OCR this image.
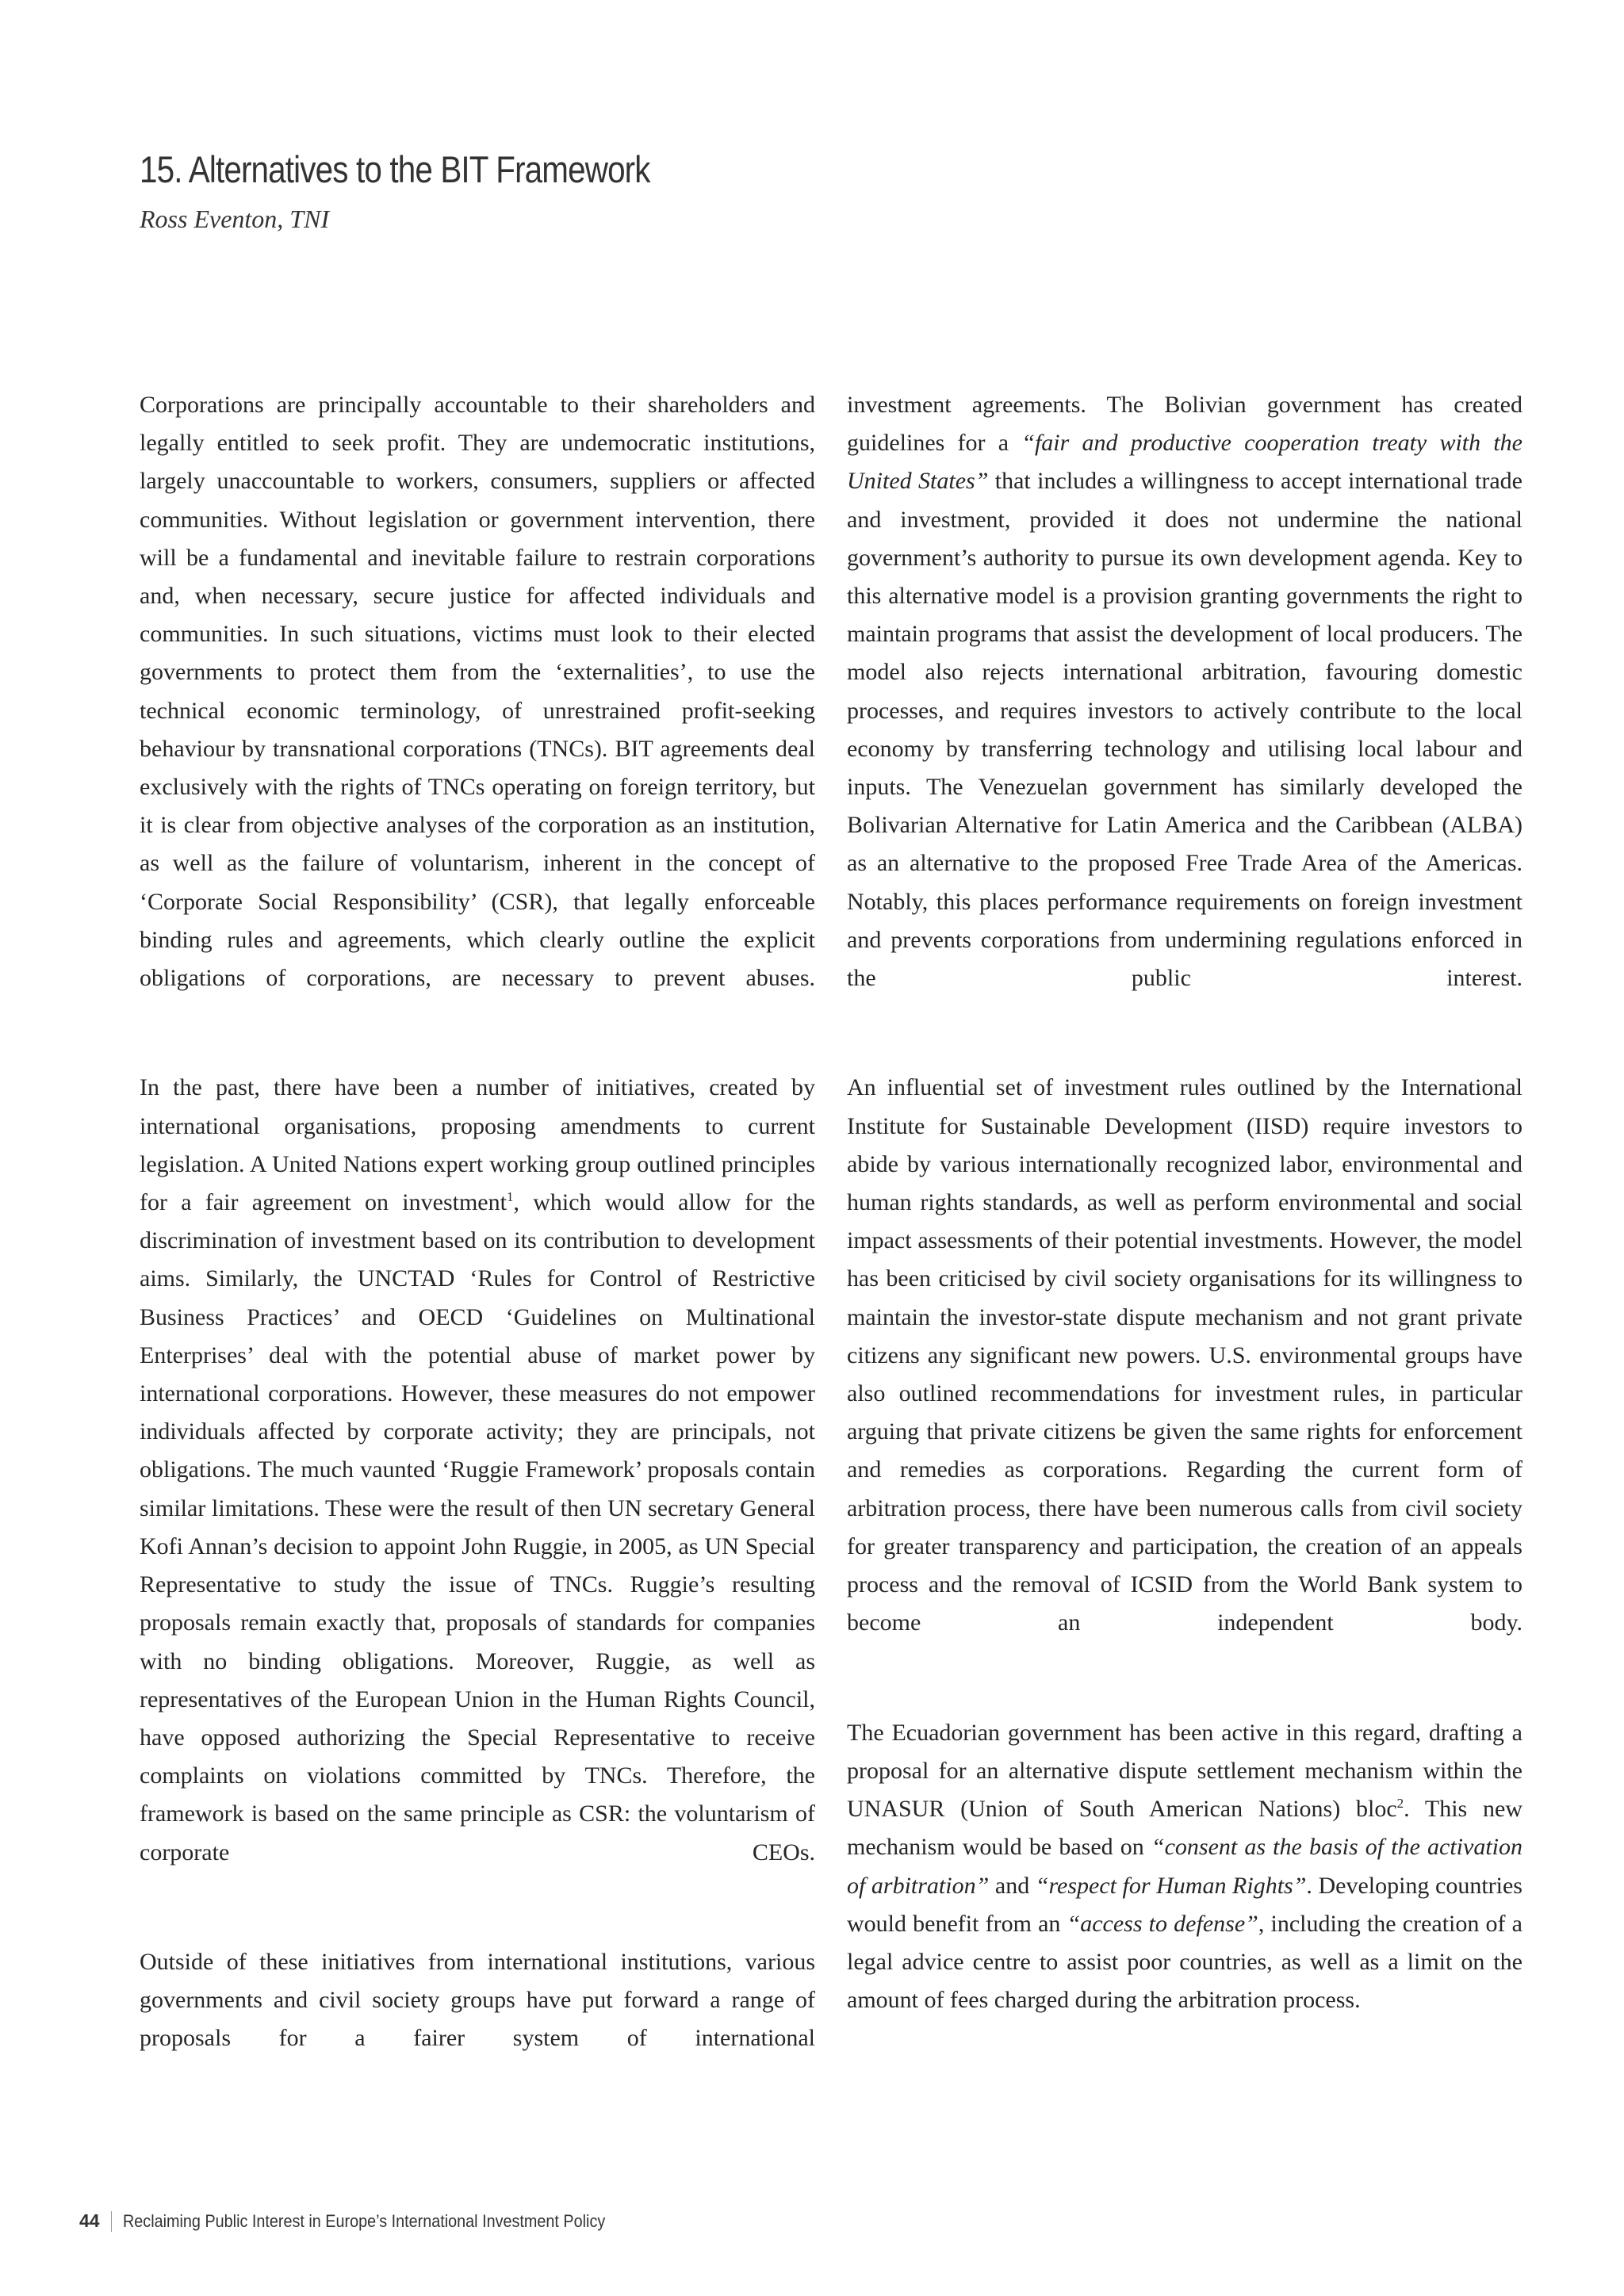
15. Alternatives to the BIT Framework
Ross Eventon, TNI

Corporations are principally accountable to their shareholders and legally entitled to seek profit. They are undemocratic institutions, largely unaccountable to workers, consumers, suppliers or affected communities. Without legislation or government intervention, there will be a fundamental and inevitable failure to restrain corporations and, when necessary, secure justice for affected individuals and communities. In such situations, victims must look to their elected governments to protect them from the ‘externalities’, to use the technical economic terminology, of unrestrained profit-seeking behaviour by transnational corporations (TNCs). BIT agreements deal exclusively with the rights of TNCs operating on foreign territory, but it is clear from objective analyses of the corporation as an institution, as well as the failure of voluntarism, inherent in the concept of ‘Corporate Social Responsibility’ (CSR), that legally enforceable binding rules and agreements, which clearly outline the explicit obligations of corporations, are necessary to prevent abuses.

In the past, there have been a number of initiatives, created by international organisations, proposing amendments to current legislation. A United Nations expert working group outlined principles for a fair agreement on investment$^1$, which would allow for the discrimination of investment based on its contribution to development aims. Similarly, the UNCTAD ‘Rules for Control of Restrictive Business Practices’ and OECD ‘Guidelines on Multinational Enterprises’ deal with the potential abuse of market power by international corporations. However, these measures do not empower individuals affected by corporate activity; they are principals, not obligations. The much vaunted ‘Ruggie Framework’ proposals contain similar limitations. These were the result of then UN secretary General Kofi Annan’s decision to appoint John Ruggie, in 2005, as UN Special Representative to study the issue of TNCs. Ruggie’s resulting proposals remain exactly that, proposals of standards for companies with no binding obligations. Moreover, Ruggie, as well as representatives of the European Union in the Human Rights Council, have opposed authorizing the Special Representative to receive complaints on violations committed by TNCs. Therefore, the framework is based on the same principle as CSR: the voluntarism of corporate CEOs.

Outside of these initiatives from international institutions, various governments and civil society groups have put forward a range of proposals for a fairer system of international

investment agreements. The Bolivian government has created guidelines for a “fair and productive cooperation treaty with the United States” that includes a willingness to accept international trade and investment, provided it does not undermine the national government’s authority to pursue its own development agenda. Key to this alternative model is a provision granting governments the right to maintain programs that assist the development of local producers. The model also rejects international arbitration, favouring domestic processes, and requires investors to actively contribute to the local economy by transferring technology and utilising local labour and inputs. The Venezuelan government has similarly developed the Bolivarian Alternative for Latin America and the Caribbean (ALBA) as an alternative to the proposed Free Trade Area of the Americas. Notably, this places performance requirements on foreign investment and prevents corporations from undermining regulations enforced in the public interest.

An influential set of investment rules outlined by the International Institute for Sustainable Development (IISD) require investors to abide by various internationally recognized labor, environmental and human rights standards, as well as perform environmental and social impact assessments of their potential investments. However, the model has been criticised by civil society organisations for its willingness to maintain the investor-state dispute mechanism and not grant private citizens any significant new powers. U.S. environmental groups have also outlined recommendations for investment rules, in particular arguing that private citizens be given the same rights for enforcement and remedies as corporations. Regarding the current form of arbitration process, there have been numerous calls from civil society for greater transparency and participation, the creation of an appeals process and the removal of ICSID from the World Bank system to become an independent body.

The Ecuadorian government has been active in this regard, drafting a proposal for an alternative dispute settlement mechanism within the UNASUR (Union of South American Nations) bloc$^2$. This new mechanism would be based on “consent as the basis of the activation of arbitration” and “respect for Human Rights”. Developing countries would benefit from an “access to defense”, including the creation of a legal advice centre to assist poor countries, as well as a limit on the amount of fees charged during the arbitration process.

44 Reclaiming Public Interest in Europe’s International Investment Policy
